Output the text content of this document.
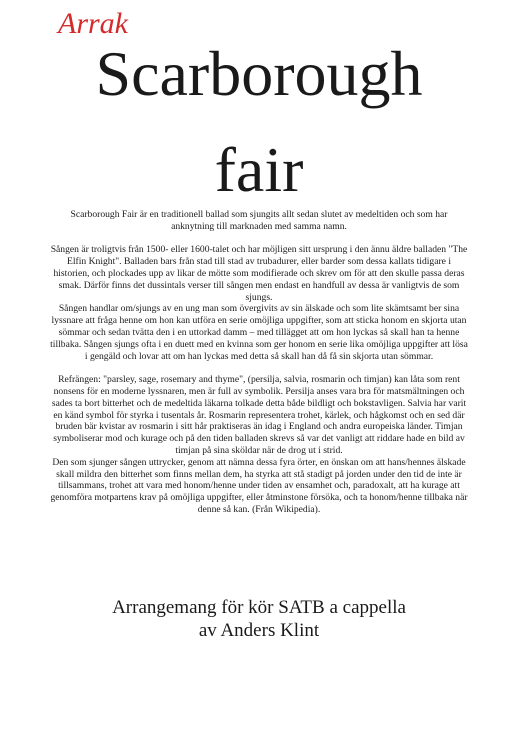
Arrak
Scarborough
fair

Scarborough Fair är en traditionell ballad som sjungits allt sedan slutet av medeltiden och som har anknytning till marknaden med samma namn.

Sången är troligtvis från 1500- eller 1600-talet och har möjligen sitt ursprung i den ännu äldre balladen "The Elfin Knight". Balladen bars från stad till stad av trubadurer, eller barder som dessa kallats tidigare i historien, och plockades upp av likar de mötte som modifierade och skrev om för att den skulle passa deras smak. Därför finns det dussintals verser till sången men endast en handfull av dessa är vanligtvis de som sjungs.

Sången handlar om/sjungs av en ung man som övergivits av sin älskade och som lite skämtsamt ber sina lyssnare att fråga henne om hon kan utföra en serie omöjliga uppgifter, som att sticka honom en skjorta utan sömmar och sedan tvätta den i en uttorkad damm – med tillägget att om hon lyckas så skall han ta henne tillbaka. Sången sjungs ofta i en duett med en kvinna som ger honom en serie lika omöjliga uppgifter att lösa i gengäld och lovar att om han lyckas med detta så skall han då få sin skjorta utan sömmar.

Refrängen: "parsley, sage, rosemary and thyme", (persilja, salvia, rosmarin och timjan) kan låta som rent nonsens för en moderne lyssnaren, men är full av symbolik. Persilja anses vara bra för matsmältningen och sades ta bort bitterhet och de medeltida läkarna tolkade detta både bildligt och bokstavligen. Salvia har varit en känd symbol för styrka i tusentals år. Rosmarin representera trohet, kärlek, och hågkomst och en sed där bruden bär kvistar av rosmarin i sitt hår praktiseras än idag i England och andra europeiska länder. Timjan symboliserar mod och kurage och på den tiden balladen skrevs så var det vanligt att riddare hade en bild av timjan på sina sköldar när de drog ut i strid.

Den som sjunger sången uttrycker, genom att nämna dessa fyra örter, en önskan om att hans/hennes älskade skall mildra den bitterhet som finns mellan dem, ha styrka att stå stadigt på jorden under den tid de inte är tillsammans, trohet att vara med honom/henne under tiden av ensamhet och, paradoxalt, att ha kurage att genomföra motpartens krav på omöjliga uppgifter, eller åtminstone försöka, och ta honom/henne tillbaka när denne så kan. (Från Wikipedia).

Arrangemang för kör SATB a cappella
av Anders Klint
